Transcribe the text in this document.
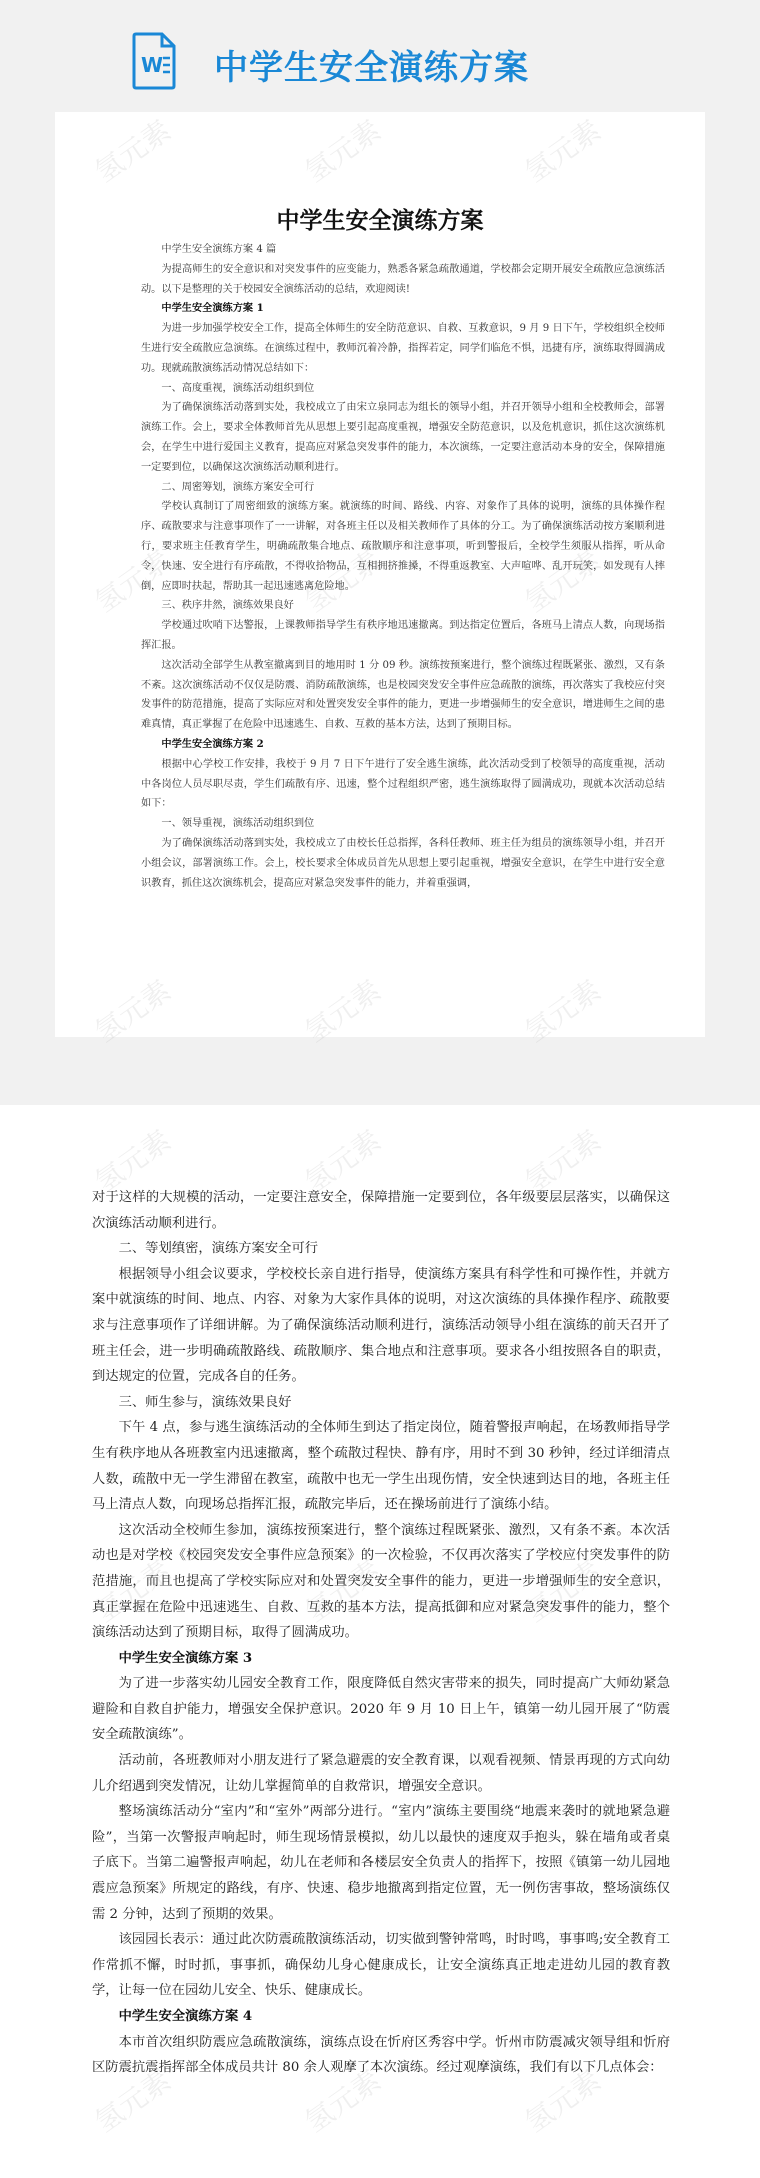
W 中学生安全演练方案
中学生安全演练方案

中学生安全演练方案 4 篇

为提高师生的安全意识和对突发事件的应变能力，熟悉各紧急疏散通道，学校都会定期开展安全疏散应急演练活动。以下是整理的关于校园安全演练活动的总结，欢迎阅读!

中学生安全演练方案 1

为进一步加强学校安全工作，提高全体师生的安全防范意识、自救、互救意识，9 月 9 日下午，学校组织全校师生进行安全疏散应急演练。在演练过程中，教师沉着冷静，指挥若定，同学们临危不惧，迅捷有序，演练取得圆满成功。现就疏散演练活动情况总结如下：

一、高度重视，演练活动组织到位

为了确保演练活动落到实处，我校成立了由宋立泉同志为组长的领导小组，并召开领导小组和全校教师会，部署演练工作。会上，要求全体教师首先从思想上要引起高度重视，增强安全防范意识，以及危机意识，抓住这次演练机会，在学生中进行爱国主义教育，提高应对紧急突发事件的能力，本次演练，一定要注意活动本身的安全，保障措施一定要到位，以确保这次演练活动顺利进行。

二、周密筹划，演练方案安全可行

学校认真制订了周密细致的演练方案。就演练的时间、路线、内容、对象作了具体的说明，演练的具体操作程序、疏散要求与注意事项作了一一讲解，对各班主任以及相关教师作了具体的分工。为了确保演练活动按方案顺利进行，要求班主任教育学生，明确疏散集合地点、疏散顺序和注意事项，听到警报后，全校学生须服从指挥，听从命令，快速、安全进行有序疏散，不得收拾物品，互相拥挤推搡，不得重返教室、大声喧哗、乱开玩笑，如发现有人摔倒，应即时扶起，帮助其一起迅速逃离危险地。

三、秩序井然，演练效果良好

学校通过吹哨下达警报，上课教师指导学生有秩序地迅速撤离。到达指定位置后，各班马上清点人数，向现场指挥汇报。

这次活动全部学生从教室撤离到目的地用时 1 分 09 秒。演练按预案进行，整个演练过程既紧张、激烈，又有条不紊。这次演练活动不仅仅是防震、消防疏散演练，也是校园突发安全事件应急疏散的演练，再次落实了我校应付突发事件的防范措施，提高了实际应对和处置突发安全事件的能力，更进一步增强师生的安全意识，增进师生之间的患难真情，真正掌握了在危险中迅速逃生、自救、互救的基本方法，达到了预期目标。

中学生安全演练方案 2

根据中心学校工作安排，我校于 9 月 7 日下午进行了安全逃生演练，此次活动受到了校领导的高度重视，活动中各岗位人员尽职尽责，学生们疏散有序、迅速，整个过程组织严密，逃生演练取得了圆满成功，现就本次活动总结如下：

一、领导重视，演练活动组织到位

为了确保演练活动落到实处，我校成立了由校长任总指挥，各科任教师、班主任为组员的演练领导小组，并召开小组会议，部署演练工作。会上，校长要求全体成员首先从思想上要引起重视，增强安全意识，在学生中进行安全意识教育，抓住这次演练机会，提高应对紧急突发事件的能力，并着重强调，

对于这样的大规模的活动，一定要注意安全，保障措施一定要到位，各年级要层层落实，以确保这次演练活动顺利进行。

二、等划缜密，演练方案安全可行

根据领导小组会议要求，学校校长亲自进行指导，使演练方案具有科学性和可操作性，并就方案中就演练的时间、地点、内容、对象为大家作具体的说明，对这次演练的具体操作程序、疏散要求与注意事项作了详细讲解。为了确保演练活动顺利进行，演练活动领导小组在演练的前天召开了班主任会，进一步明确疏散路线、疏散顺序、集合地点和注意事项。要求各小组按照各自的职责，到达规定的位置，完成各自的任务。

三、师生参与，演练效果良好

下午 4 点，参与逃生演练活动的全体师生到达了指定岗位，随着警报声响起，在场教师指导学生有秩序地从各班教室内迅速撤离，整个疏散过程快、静有序，用时不到 30 秒钟，经过详细清点人数，疏散中无一学生滞留在教室，疏散中也无一学生出现伤情，安全快速到达目的地，各班主任马上清点人数，向现场总指挥汇报，疏散完毕后，还在操场前进行了演练小结。

这次活动全校师生参加，演练按预案进行，整个演练过程既紧张、激烈，又有条不紊。本次活动也是对学校《校园突发安全事件应急预案》的一次检验，不仅再次落实了学校应付突发事件的防范措施，而且也提高了学校实际应对和处置突发安全事件的能力，更进一步增强师生的安全意识，真正掌握在危险中迅速逃生、自救、互救的基本方法，提高抵御和应对紧急突发事件的能力，整个演练活动达到了预期目标，取得了圆满成功。

中学生安全演练方案 3

为了进一步落实幼儿园安全教育工作，限度降低自然灾害带来的损失，同时提高广大师幼紧急避险和自救自护能力，增强安全保护意识。2020 年 9 月 10 日上午，镇第一幼儿园开展了“防震安全疏散演练”。

活动前，各班教师对小朋友进行了紧急避震的安全教育课，以观看视频、情景再现的方式向幼儿介绍遇到突发情况，让幼儿掌握简单的自救常识，增强安全意识。

整场演练活动分“室内”和“室外”两部分进行。“室内”演练主要围绕“地震来袭时的就地紧急避险”，当第一次警报声响起时，师生现场情景模拟，幼儿以最快的速度双手抱头，躲在墙角或者桌子底下。当第二遍警报声响起，幼儿在老师和各楼层安全负责人的指挥下，按照《镇第一幼儿园地震应急预案》所规定的路线，有序、快速、稳步地撤离到指定位置，无一例伤害事故，整场演练仅需 2 分钟，达到了预期的效果。

该园园长表示：通过此次防震疏散演练活动，切实做到警钟常鸣，时时鸣，事事鸣;安全教育工作常抓不懈，时时抓，事事抓，确保幼儿身心健康成长，让安全演练真正地走进幼儿园的教育教学，让每一位在园幼儿安全、快乐、健康成长。

中学生安全演练方案 4

本市首次组织防震应急疏散演练，演练点设在忻府区秀容中学。忻州市防震减灾领导组和忻府区防震抗震指挥部全体成员共计 80 余人观摩了本次演练。经过观摩演练，我们有以下几点体会：

氢元素	氢元素	氢元素
氢元素	氢元素	氢元素
氢元素	氢元素	氢元素
